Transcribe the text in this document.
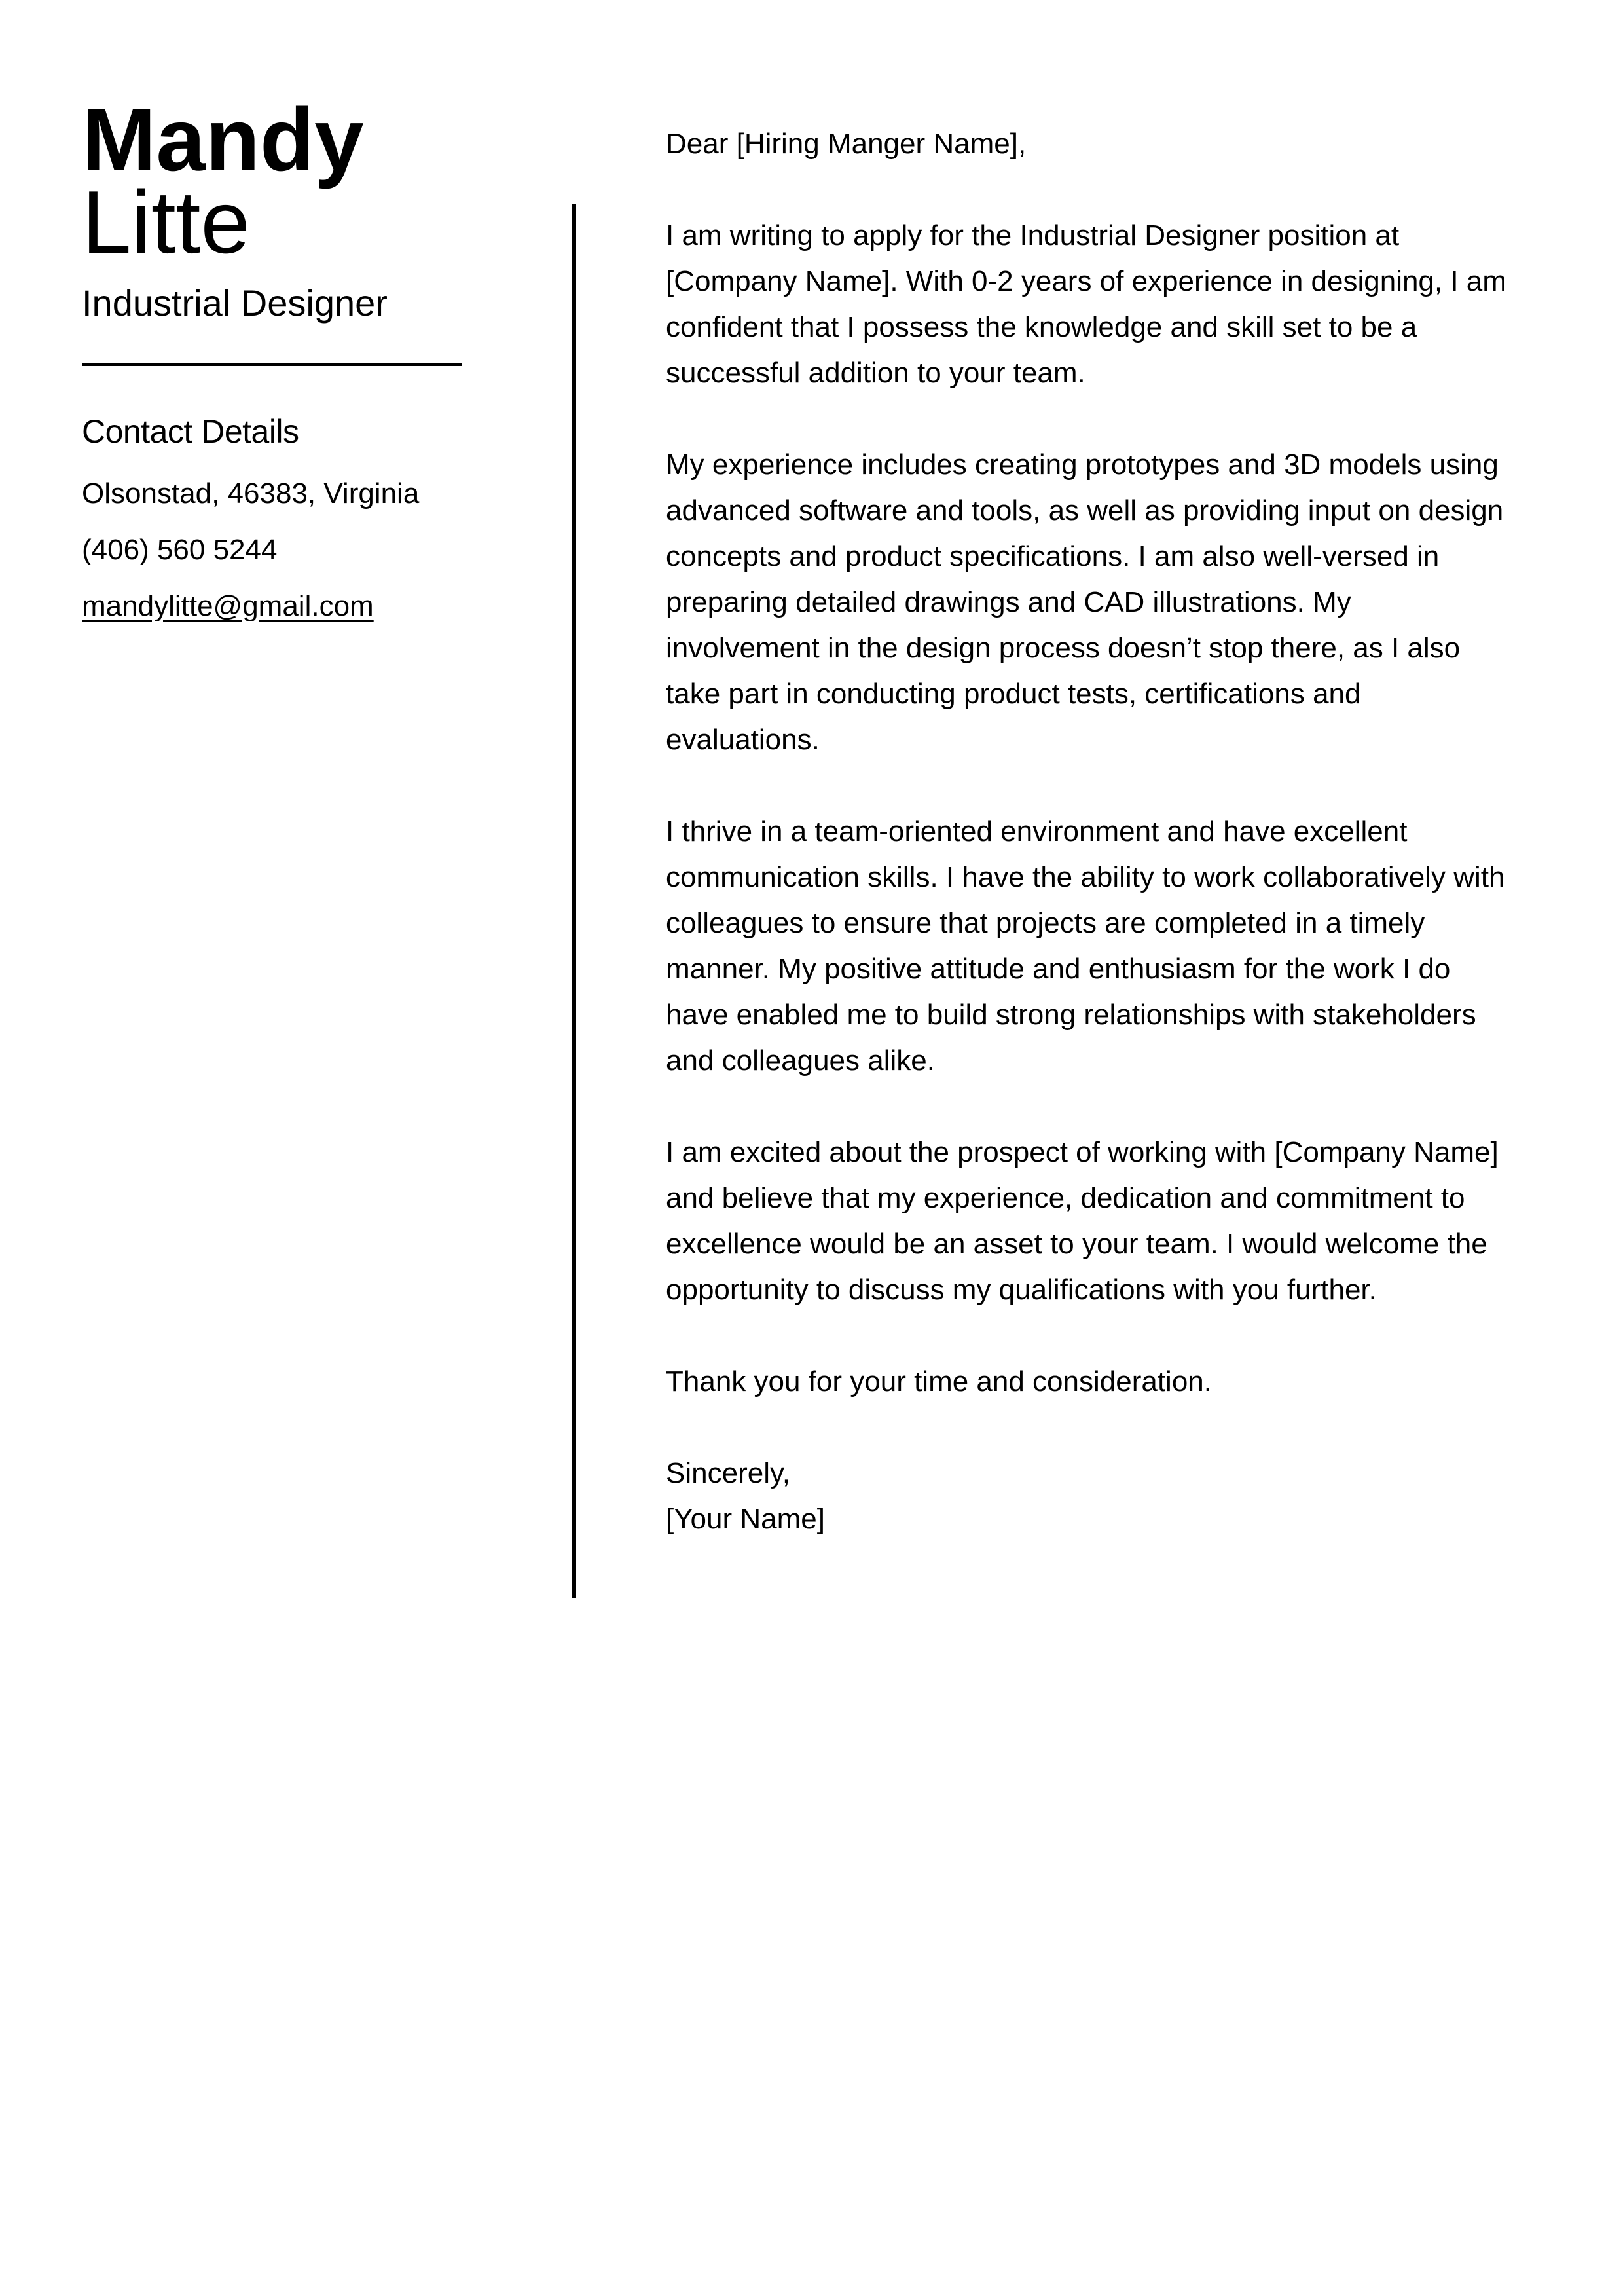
Mandy
Litte
Industrial Designer
Contact Details
Olsonstad, 46383, Virginia
(406) 560 5244
mandylitte@gmail.com

Dear [Hiring Manger Name],

I am writing to apply for the Industrial Designer position at [Company Name]. With 0-2 years of experience in designing, I am confident that I possess the knowledge and skill set to be a successful addition to your team.

My experience includes creating prototypes and 3D models using advanced software and tools, as well as providing input on design concepts and product specifications. I am also well-versed in preparing detailed drawings and CAD illustrations. My involvement in the design process doesn’t stop there, as I also take part in conducting product tests, certifications and evaluations.

I thrive in a team-oriented environment and have excellent communication skills. I have the ability to work collaboratively with colleagues to ensure that projects are completed in a timely manner. My positive attitude and enthusiasm for the work I do have enabled me to build strong relationships with stakeholders and colleagues alike.

I am excited about the prospect of working with [Company Name] and believe that my experience, dedication and commitment to excellence would be an asset to your team. I would welcome the opportunity to discuss my qualifications with you further.

Thank you for your time and consideration.

Sincerely,
[Your Name]
